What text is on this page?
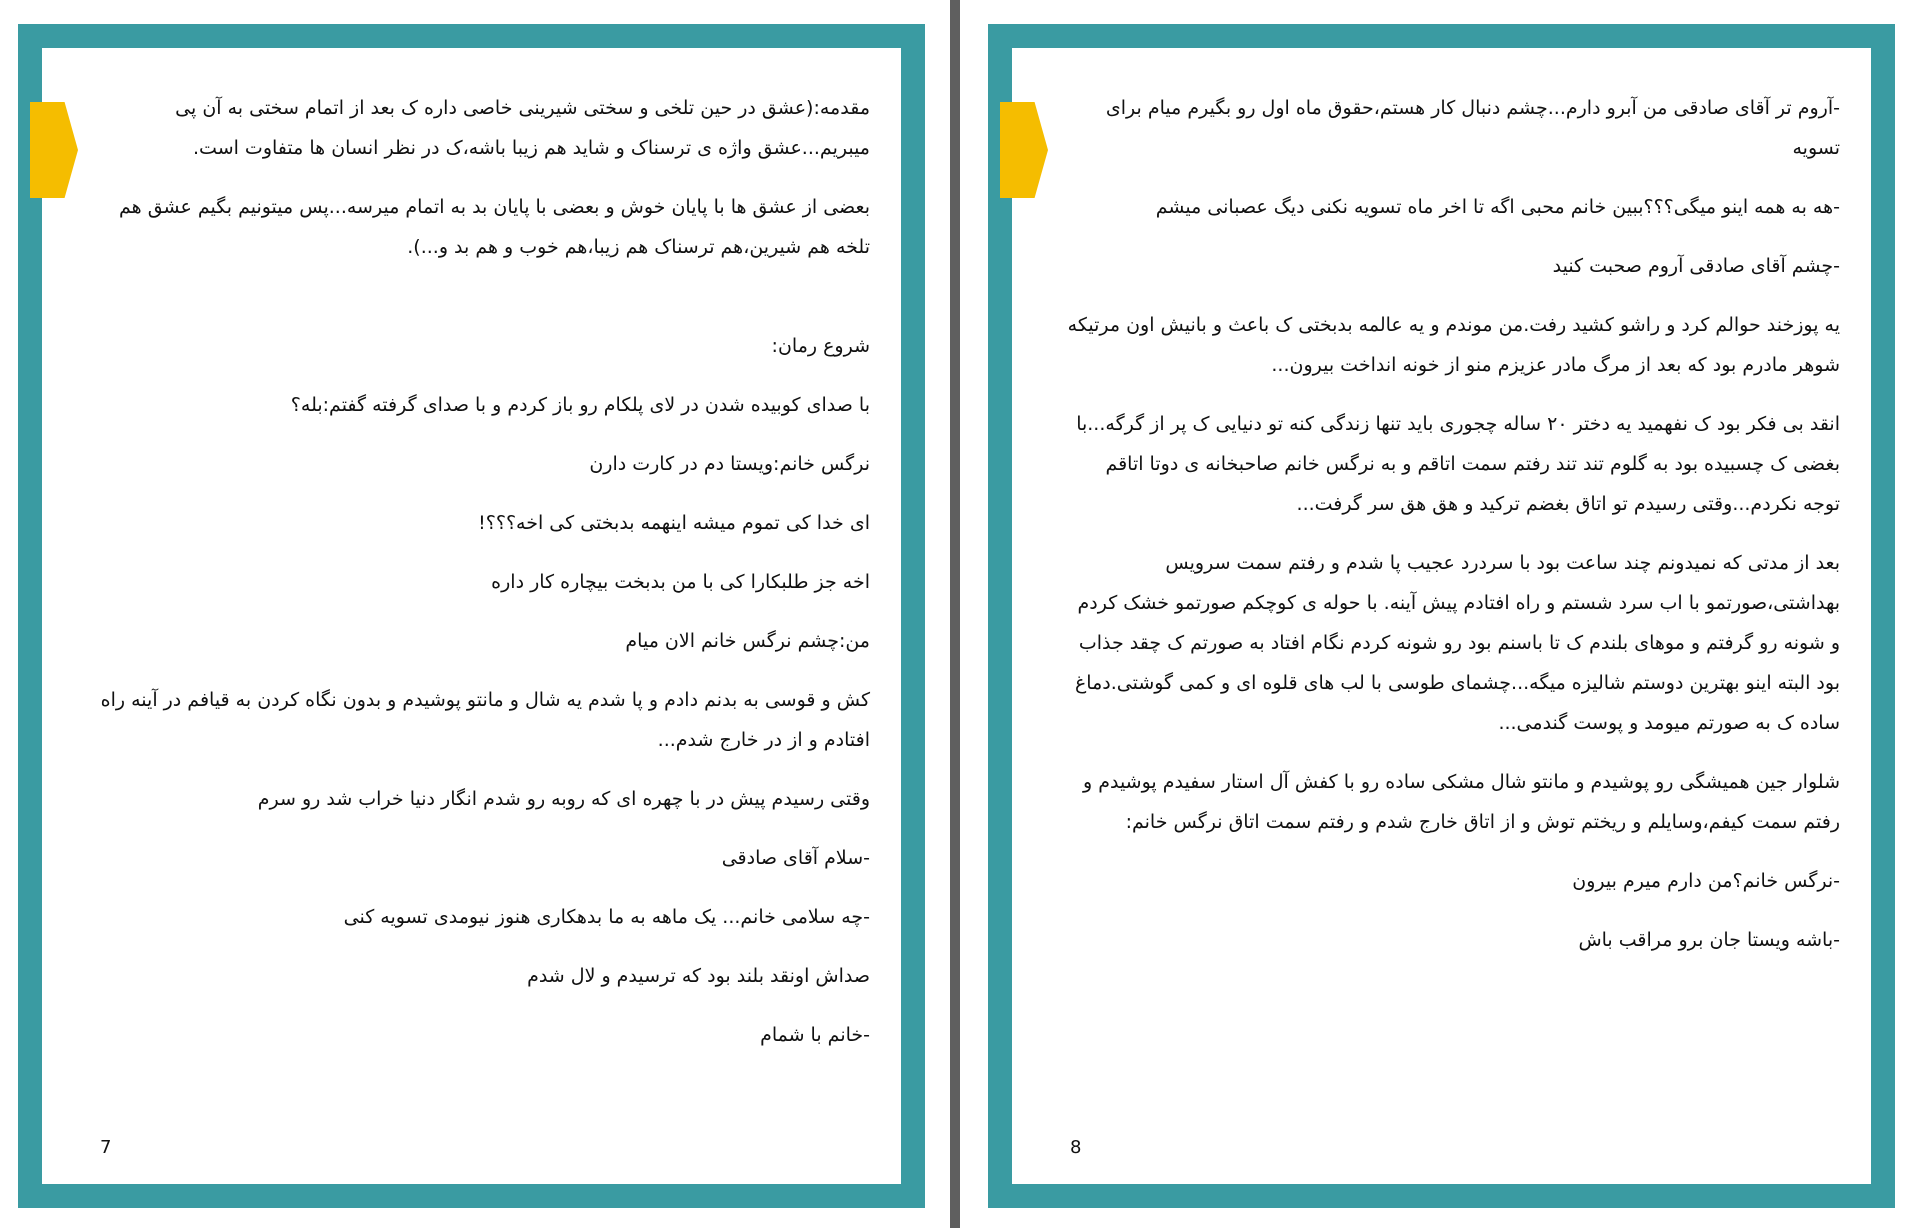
مقدمه:(عشق در حین تلخی و سختی شیرینی خاصی داره ک بعد از اتمام سختی به آن پی میبریم...عشق واژه ی ترسناک و شاید هم زیبا باشه،ک در نظر انسان ها متفاوت است.

بعضی از عشق ها با پایان خوش و بعضی با پایان بد به اتمام میرسه...پس میتونیم بگیم عشق هم تلخه هم شیرین،هم ترسناک هم زیبا،هم خوب و هم بد و...).

شروع رمان:

با صدای کوبیده شدن در لای پلکام رو باز کردم و با صدای گرفته گفتم:بله؟

نرگس خانم:ویستا دم در کارت دارن

ای خدا کی تموم میشه اینهمه بدبختی کی اخه؟؟؟!

اخه جز طلبکارا کی با من بدبخت بیچاره کار داره

من:چشم نرگس خانم الان میام

کش و قوسی به بدنم دادم و پا شدم یه شال و مانتو پوشیدم و بدون نگاه کردن به قیافم در آینه راه افتادم و از در خارج شدم...

وقتی رسیدم پیش در با چهره ای که روبه رو شدم انگار دنیا خراب شد رو سرم

-سلام آقای صادقی

-چه سلامی خانم... یک ماهه به ما بدهکاری هنوز نیومدی تسویه کنی

صداش اونقد بلند بود که ترسیدم و لال شدم

-خانم با شمام

7

-آروم تر آقای صادقی من آبرو دارم...چشم دنبال کار هستم،حقوق ماه اول رو بگیرم میام برای تسویه

-هه به همه اینو میگی؟؟؟ببین خانم محبی اگه تا اخر ماه تسویه نکنی دیگ عصبانی میشم

-چشم آقای صادقی آروم صحبت کنید

یه پوزخند حوالم کرد و راشو کشید رفت.من موندم و یه عالمه بدبختی ک باعث و بانیش اون مرتیکه شوهر مادرم بود که بعد از مرگ مادر عزیزم منو از خونه انداخت بیرون...

انقد بی فکر بود ک نفهمید یه دختر ۲۰ ساله چجوری باید تنها زندگی کنه تو دنیایی ک پر از گرگه...با بغضی ک چسبیده بود به گلوم تند تند رفتم سمت اتاقم و به نرگس خانم صاحبخانه ی دوتا اتاقم توجه نکردم...وقتی رسیدم تو اتاق بغضم ترکید و هق هق سر گرفت...

بعد از مدتی که نمیدونم چند ساعت بود با سردرد عجیب پا شدم و رفتم سمت سرویس بهداشتی،صورتمو با اب سرد شستم و راه افتادم پیش آینه. با حوله ی کوچکم صورتمو خشک کردم و شونه رو گرفتم و موهای بلندم ک تا باسنم بود رو شونه کردم نگام افتاد به صورتم ک چقد جذاب بود البته اینو بهترین دوستم شالیزه میگه...چشمای طوسی با لب های قلوه ای و کمی گوشتی.دماغ ساده ک به صورتم میومد و پوست گندمی...

شلوار جین همیشگی رو پوشیدم و مانتو شال مشکی ساده رو با کفش آل استار سفیدم پوشیدم و رفتم سمت کیفم،وسایلم و ریختم توش و از اتاق خارج شدم و رفتم سمت اتاق نرگس خانم:

-نرگس خانم؟من دارم میرم بیرون

-باشه ویستا جان برو مراقب باش

8
